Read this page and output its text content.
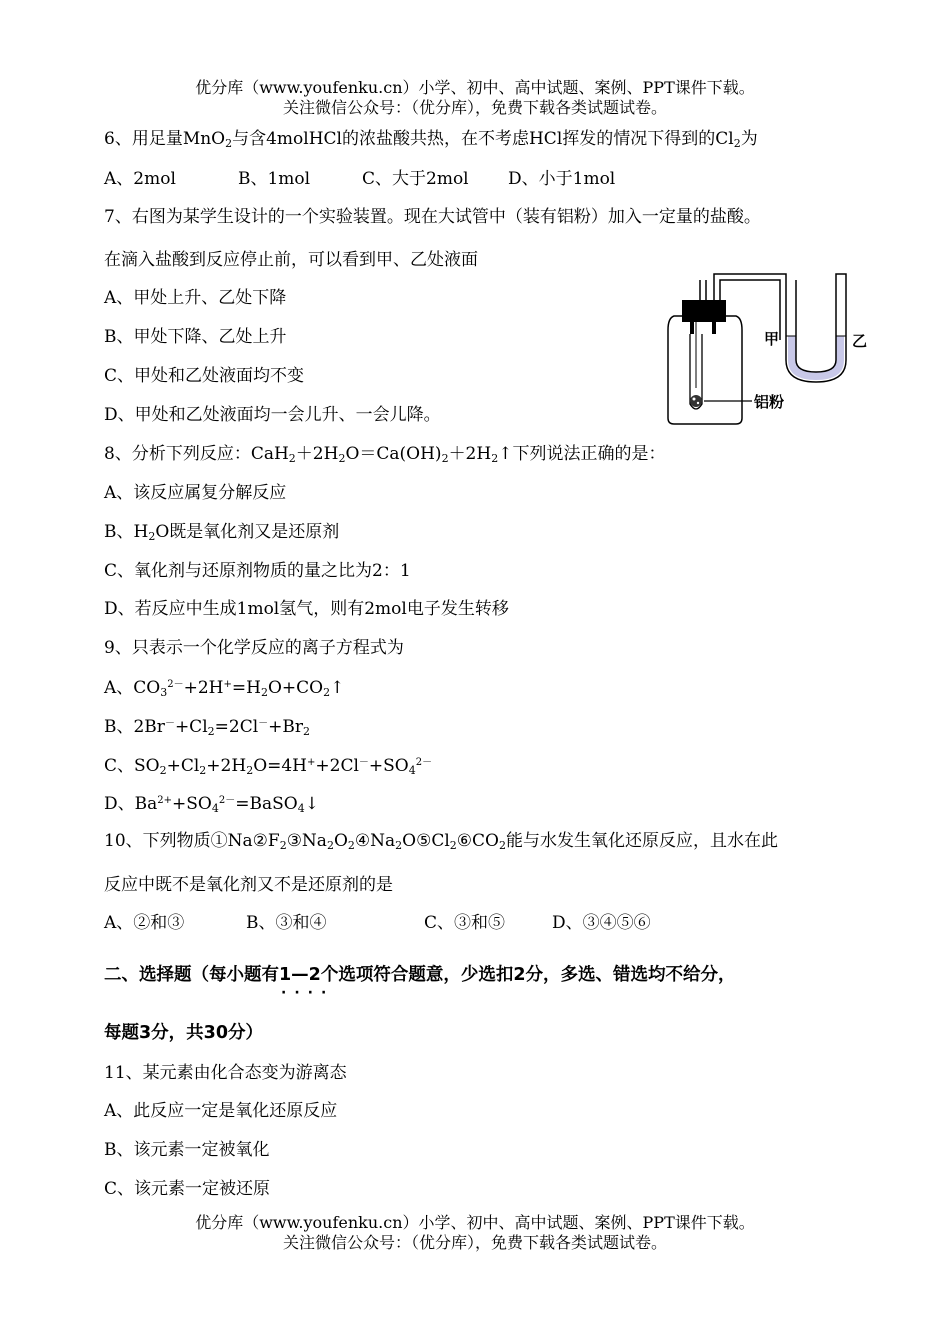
优分库（www.youfenku.cn）小学、初中、高中试题、案例、PPT课件下载。
关注微信公众号：（优分库），免费下载各类试题试卷。
6、用足量MnO$_2$与含4molHCl的浓盐酸共热，在不考虑HCl挥发的情况下得到的$Cl_2$为
A、2mol	B、1mol	C、大于2mol D、小于1mol
7、右图为某学生设计的一个实验装置。现在大试管中（装有铝粉）加入一定量的盐酸。
在滴入盐酸到反应停止前，可以看到甲、乙处液面
A、甲处上升、乙处下降
B、甲处下降、乙处上升
C、甲处和乙处液面均不变
D、甲处和乙处液面均一会儿升、一会儿降。
甲	乙
铝粉
8、分析下列反应：$CaH_2+2H_2O=Ca(OH)_2+2H_2↑$下列说法正确的是：
A、该反应属复分解反应
B、$H_2O$既是氧化剂又是还原剂
C、氧化剂与还原剂物质的量之比为2：1
D、若反应中生成1mol氢气，则有2mol电子发生转移
9、只表示一个化学反应的离子方程式为
A、$CO_3^{2-}+2H^+=H_2O+CO_2↑$
B、$2Br^-+Cl_2=2Cl^-+Br_2$
C、$SO_2+Cl_2+2H_2O=4H^++2Cl^-+SO_4^{2-}$
D、$Ba^{2+}+SO_4^{2-}=BaSO_4↓$
10、下列物质$①Na②F_2③Na_2O_2④Na_2O⑤Cl_2⑥CO_2$能与水发生氧化还原反应，且水在此
反应中既不是氧化剂又不是还原剂的是
A、②和③	B、③和④	C、③和⑤	D、③④⑤⑥
二、选择题（每小题有1—2
····
个选项符合题意，少选扣2分，多选、错选均不给分，
每题3分，共30分）
11、某元素由化合态变为游离态
A、此反应一定是氧化还原反应
B、该元素一定被氧化
C、该元素一定被还原
优分库（www.youfenku.cn）小学、初中、高中试题、案例、PPT课件下载。
关注微信公众号：（优分库），免费下载各类试题试卷。
